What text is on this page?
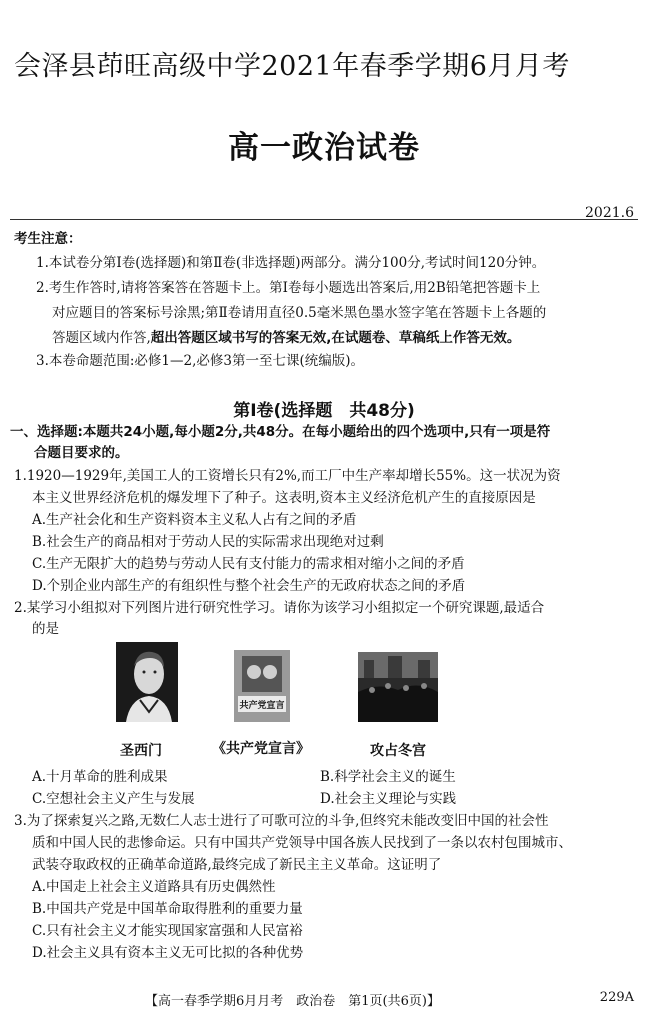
会泽县茚旺高级中学2021年春季学期6月月考
高一政治试卷
2021.6
考生注意：
1.本试卷分第Ⅰ卷(选择题)和第Ⅱ卷(非选择题)两部分。满分100分,考试时间120分钟。
2.考生作答时,请将答案答在答题卡上。第Ⅰ卷每小题选出答案后,用2B铅笔把答题卡上
对应题目的答案标号涂黑;第Ⅱ卷请用直径0.5毫米黑色墨水签字笔在答题卡上各题的
答题区域内作答,超出答题区域书写的答案无效,在试题卷、草稿纸上作答无效。
3.本卷命题范围:必修1—2,必修3第一至七课(统编版)。
第Ⅰ卷(选择题　共48分)
一、选择题:本题共24小题,每小题2分,共48分。在每小题给出的四个选项中,只有一项是符
合题目要求的。
1.1920—1929年,美国工人的工资增长只有2%,而工厂中生产率却增长55%。这一状况为资
本主义世界经济危机的爆发埋下了种子。这表明,资本主义经济危机产生的直接原因是
A.生产社会化和生产资料资本主义私人占有之间的矛盾
B.社会生产的商品相对于劳动人民的实际需求出现绝对过剩
C.生产无限扩大的趋势与劳动人民有支付能力的需求相对缩小之间的矛盾
D.个别企业内部生产的有组织性与整个社会生产的无政府状态之间的矛盾
2.某学习小组拟对下列图片进行研究性学习。请你为该学习小组拟定一个研究课题,最适合
的是
共产党宣言
圣西门	《共产党宣言》	攻占冬宫
A.十月革命的胜利成果	B.科学社会主义的诞生
C.空想社会主义产生与发展	D.社会主义理论与实践
3.为了探索复兴之路,无数仁人志士进行了可歌可泣的斗争,但终究未能改变旧中国的社会性
质和中国人民的悲惨命运。只有中国共产党领导中国各族人民找到了一条以农村包围城市、
武装夺取政权的正确革命道路,最终完成了新民主主义革命。这证明了
A.中国走上社会主义道路具有历史偶然性
B.中国共产党是中国革命取得胜利的重要力量
C.只有社会主义才能实现国家富强和人民富裕
D.社会主义具有资本主义无可比拟的各种优势
【高一春季学期6月月考　政治卷　第1页(共6页)】	229A
